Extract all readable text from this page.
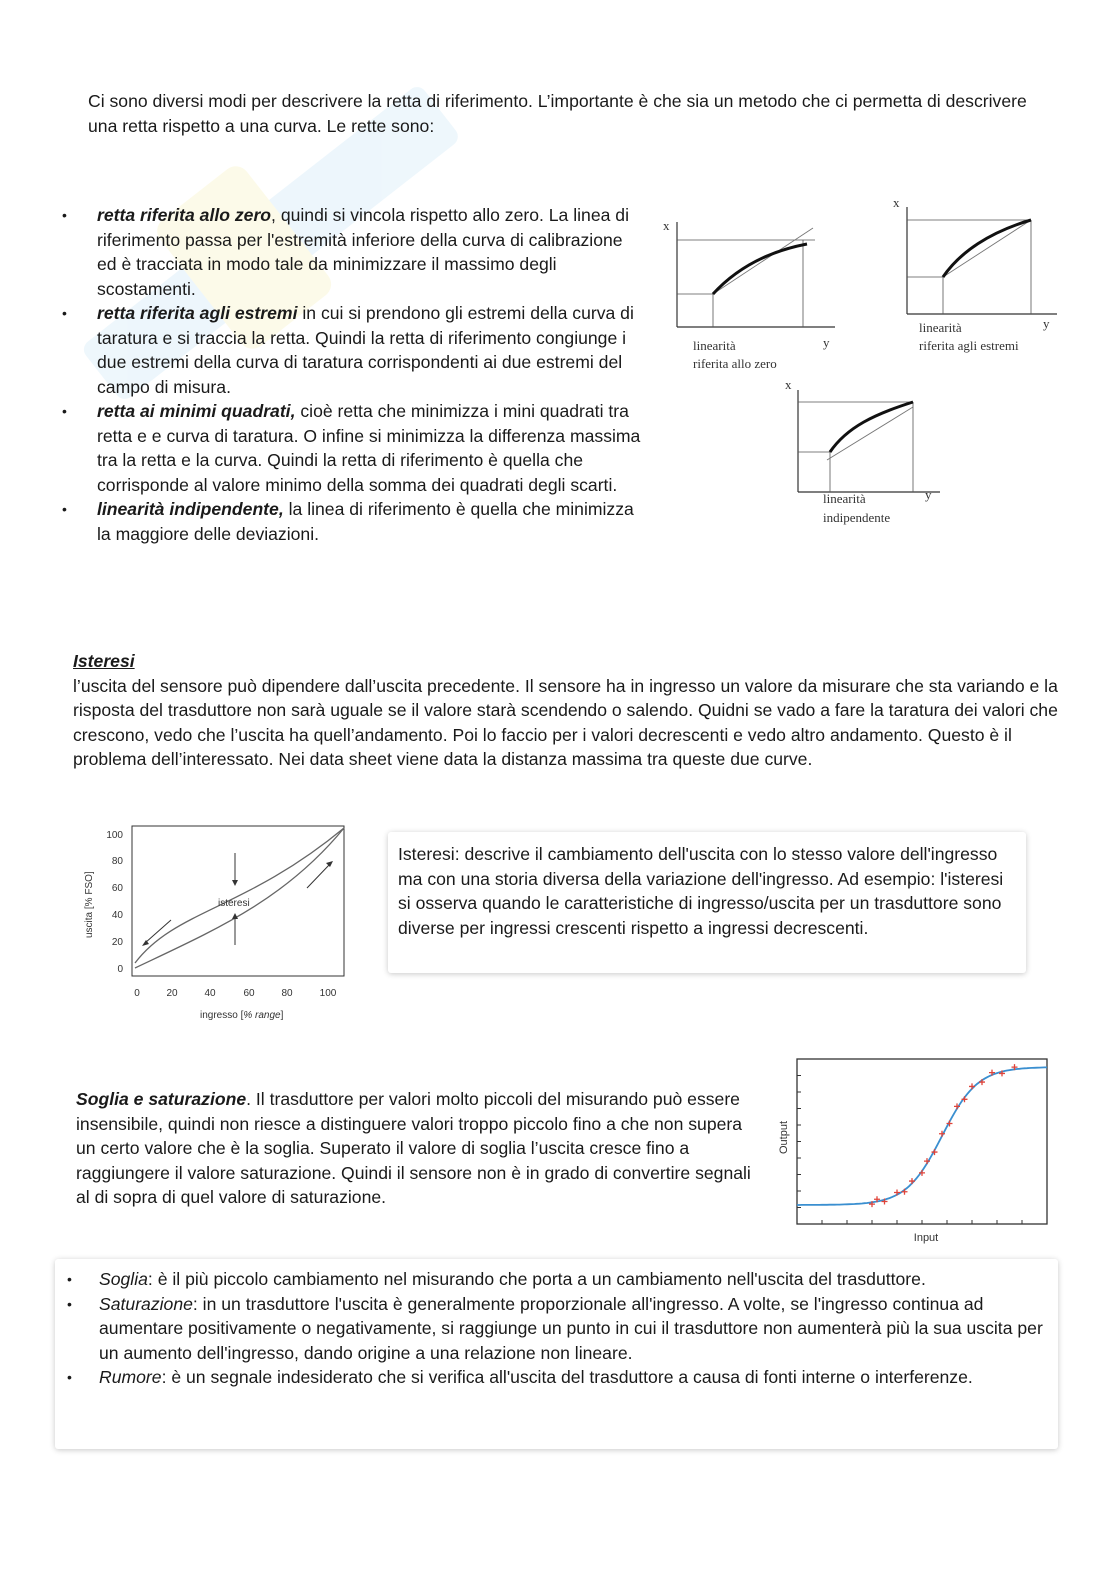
Ci sono diversi modi per descrivere la retta di riferimento. L’importante è che sia un metodo che ci permetta di descrivere una retta rispetto a una curva. Le rette sono:

• retta riferita allo zero, quindi si vincola rispetto allo zero. La linea di riferimento passa per l'estremità inferiore della curva di calibrazione ed è tracciata in modo tale da minimizzare il massimo degli scostamenti.
• retta riferita agli estremi in cui si prendono gli estremi della curva di taratura e si traccia la retta. Quindi la retta di riferimento congiunge i due estremi della curva di taratura corrispondenti ai due estremi del campo di misura.
• retta ai minimi quadrati, cioè retta che minimizza i mini quadrati tra retta e e curva di taratura. O infine si minimizza la differenza massima tra la retta e la curva. Quindi la retta di riferimento è quella che corrisponde al valore minimo della somma dei quadrati degli scarti.
• linearità indipendente, la linea di riferimento è quella che minimizza la maggiore delle deviazioni.
x
y
linearità
riferita allo zero
x
y
linearità
riferita agli estremi
x
y
linearità
indipendente

Isteresi

l’uscita del sensore può dipendere dall’uscita precedente. Il sensore ha in ingresso un valore da misurare che sta variando e la risposta del trasduttore non sarà uguale se il valore starà scendendo o salendo. Quidni se vado a fare la taratura dei valori che crescono, vedo che l’uscita ha quell’andamento. Poi lo faccio per i valori decrescenti e vedo altro andamento. Questo è il problema dell’interessato. Nei data sheet viene data la distanza massima tra queste due curve.

0
20
40
60
80
100
0	20	40	60	80	100
isteresi
ingresso [% range]
uscita [% FSO]

Isteresi: descrive il cambiamento dell'uscita con lo stesso valore dell'ingresso ma con una storia diversa della variazione dell'ingresso. Ad esempio: l'isteresi si osserva quando le caratteristiche di ingresso/uscita per un trasduttore sono diverse per ingressi crescenti rispetto a ingressi decrescenti.

Soglia e saturazione. Il trasduttore per valori molto piccoli del misurando può essere insensibile, quindi non riesce a distinguere valori troppo piccolo fino a che non supera un certo valore che è la soglia. Superato il valore di soglia l’uscita cresce fino a raggiungere il valore saturazione. Quindi il sensore non è in grado di convertire segnali al di sopra di quel valore di saturazione.

Input
Output
• Soglia: è il più piccolo cambiamento nel misurando che porta a un cambiamento nell'uscita del trasduttore.
• Saturazione: in un trasduttore l'uscita è generalmente proporzionale all'ingresso. A volte, se l'ingresso continua ad aumentare positivamente o negativamente, si raggiunge un punto in cui il trasduttore non aumenterà più la sua uscita per un aumento dell'ingresso, dando origine a una relazione non lineare.
• Rumore: è un segnale indesiderato che si verifica all'uscita del trasduttore a causa di fonti interne o interferenze.
